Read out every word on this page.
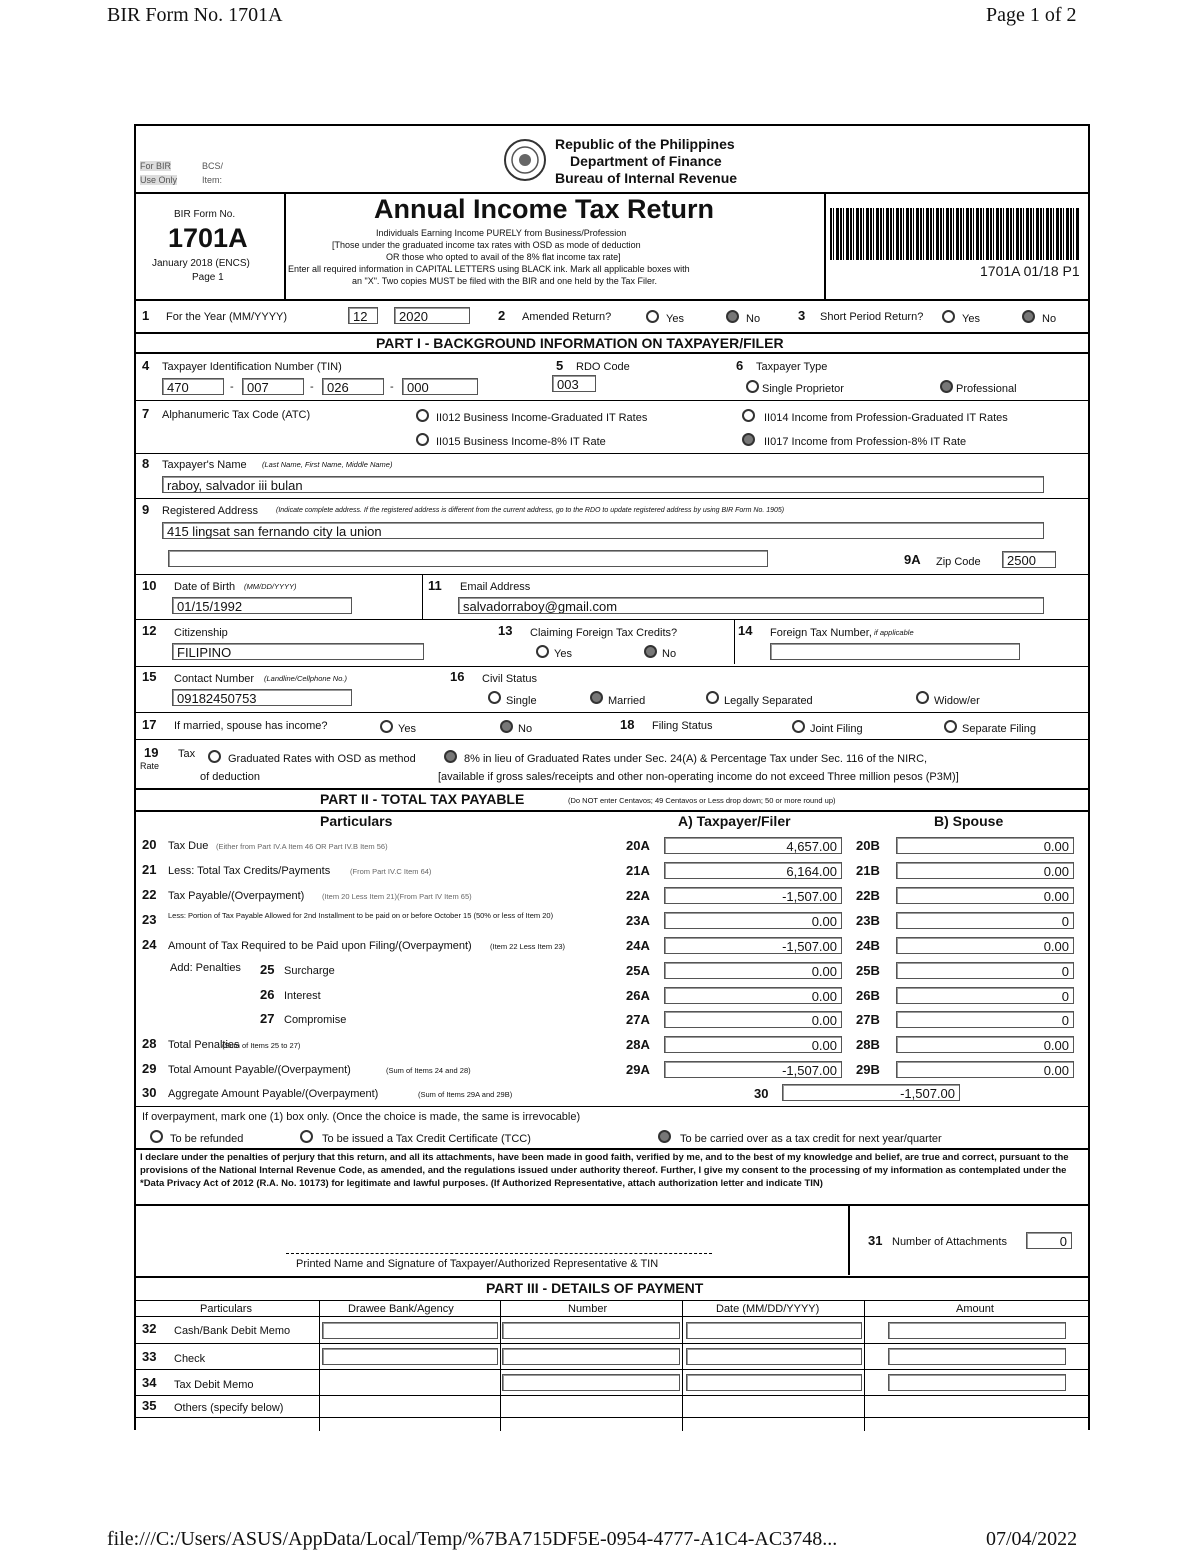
BIR Form No. 1701A	Page 1 of 2
file:///C:/Users/ASUS/AppData/Local/Temp/%7BA715DF5E-0954-4777-A1C4-AC3748...	07/04/2022
For BIR
Use Only
BCS/
Item:
Republic of the Philippines
Department of Finance
Bureau of Internal Revenue
BIR Form No.
1701A
January 2018 (ENCS)
Page 1
Annual Income Tax Return
Individuals Earning Income PURELY from Business/Profession
[Those under the graduated income tax rates with OSD as mode of deduction
OR those who opted to avail of the 8% flat income tax rate]
Enter all required information in CAPITAL LETTERS using BLACK ink. Mark all applicable boxes with
an "X". Two copies MUST be filed with the BIR and one held by the Tax Filer.
1701A 01/18 P1
1 For the Year (MM/YYYY)	12	2020	2 Amended Return?	Yes	No	3 Short Period Return?	Yes	No
PART I - BACKGROUND INFORMATION ON TAXPAYER/FILER
4 Taxpayer Identification Number (TIN)
470	-	007	-	026	-	000
5 RDO Code
003
6 Taxpayer Type
Single Proprietor	Professional
7 Alphanumeric Tax Code (ATC)	II012 Business Income-Graduated IT Rates	II014 Income from Profession-Graduated IT Rates
II015 Business Income-8% IT Rate	II017 Income from Profession-8% IT Rate
8 Taxpayer's Name (Last Name, First Name, Middle Name)
raboy, salvador iii bulan
9 Registered Address	(Indicate complete address. If the registered address is different from the current address, go to the RDO to update registered address by using BIR Form No. 1905)
415 lingsat san fernando city la union
9A Zip Code	2500
10 Date of Birth (MM/DD/YYYY)
01/15/1992
11 Email Address
salvadorraboy@gmail.com
12 Citizenship
FILIPINO
13 Claiming Foreign Tax Credits?
Yes	No
14 Foreign Tax Number, if applicable
15 Contact Number (Landline/Cellphone No.)
09182450753
16 Civil Status
Single	Married	Legally Separated	Widow/er
17 If married, spouse has income?	Yes	No	18 Filing Status	Joint Filing	Separate Filing
19
Rate
Tax	Graduated Rates with OSD as method
of deduction
8% in lieu of Graduated Rates under Sec. 24(A) & Percentage Tax under Sec. 116 of the NIRC,
[available if gross sales/receipts and other non-operating income do not exceed Three million pesos (P3M)]
PART II - TOTAL TAX PAYABLE	(Do NOT enter Centavos; 49 Centavos or Less drop down; 50 or more round up)
Particulars	A) Taxpayer/Filer	B) Spouse
20 Tax Due (Either from Part IV.A Item 46 OR Part IV.B Item 56)	20A	4,657.00	20B	0.00
21 Less: Total Tax Credits/Payments	(From Part IV.C Item 64)	21A	6,164.00	21B	0.00
22 Tax Payable/(Overpayment) (Item 20 Less Item 21)(From Part IV Item 65)	22A	-1,507.00	22B	0.00
23 Less: Portion of Tax Payable Allowed for 2nd Installment to be paid on or before October 15 (50% or less of Item 20)	23A	0.00	23B	0
24 Amount of Tax Required to be Paid upon Filing/(Overpayment) (Item 22 Less Item 23)	24A	-1,507.00	24B	0.00
25 Surcharge	25A	0.00	25B	0
26 Interest	26A	0.00	26B	0
27 Compromise	27A	0.00	27B	0
28 Total Penalties
(Sum of Items 25 to 27)	28A	0.00	28B	0.00
29 Total Amount Payable/(Overpayment)	(Sum of Items 24 and 28)	29A	-1,507.00	29B	0.00
Add: Penalties
30 Aggregate Amount Payable/(Overpayment)	(Sum of Items 29A and 29B)	30	-1,507.00
If overpayment, mark one (1) box only. (Once the choice is made, the same is irrevocable)
To be refunded	To be issued a Tax Credit Certificate (TCC)	To be carried over as a tax credit for next year/quarter
I declare under the penalties of perjury that this return, and all its attachments, have been made in good faith, verified by me, and to the best of my knowledge and belief, are true and correct, pursuant to the provisions of the National Internal Revenue Code, as amended, and the regulations issued under authority thereof. Further, I give my consent to the processing of my information as contemplated under the *Data Privacy Act of 2012 (R.A. No. 10173) for legitimate and lawful purposes. (If Authorized Representative, attach authorization letter and indicate TIN)
Printed Name and Signature of Taxpayer/Authorized Representative & TIN
31 Number of Attachments	0
PART III - DETAILS OF PAYMENT
Particulars	Drawee Bank/Agency	Number	Date (MM/DD/YYYY)	Amount
32 Cash/Bank Debit Memo
33 Check
34 Tax Debit Memo
35 Others (specify below)
